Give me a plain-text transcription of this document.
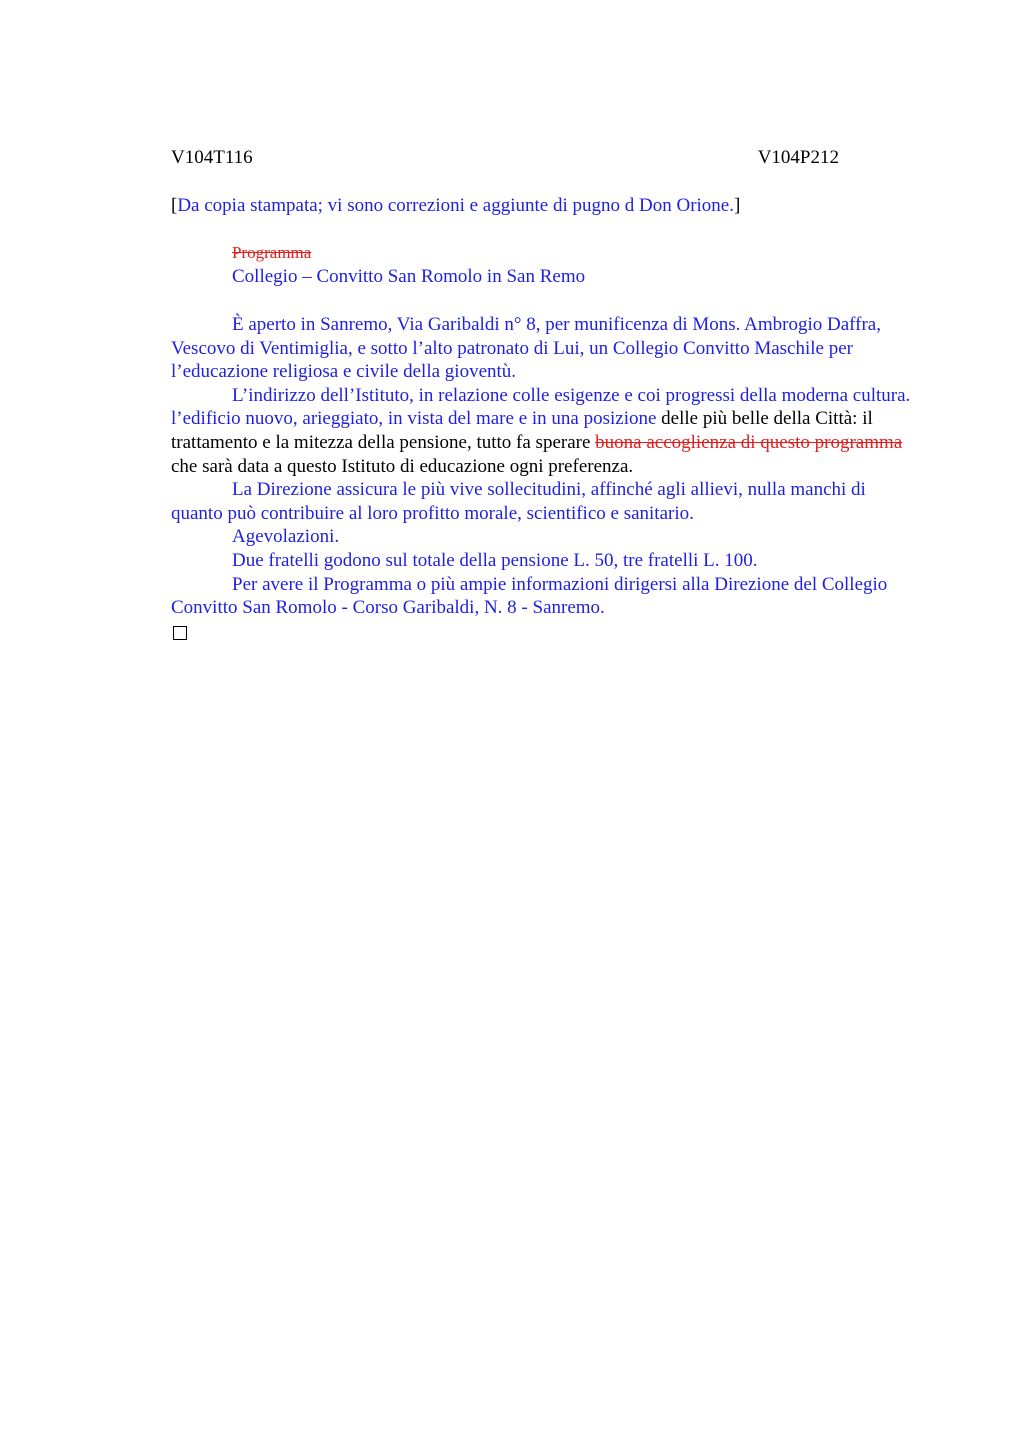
V104T116	V104P212
[Da copia stampata; vi sono correzioni e aggiunte di pugno d Don Orione.]
Programma
Collegio – Convitto San Romolo in San Remo

È aperto in Sanremo, Via Garibaldi n° 8, per munificenza di Mons. Ambrogio Daffra, Vescovo di Ventimiglia, e sotto l’alto patronato di Lui, un Collegio Convitto Maschile per l’educazione religiosa e civile della gioventù.

L’indirizzo dell’Istituto, in relazione colle esigenze e coi progressi della moderna cultura. l’edificio nuovo, arieggiato, in vista del mare e in una posizione delle più belle della Città: il trattamento e la mitezza della pensione, tutto fa sperare buona accoglienza di questo programma che sarà data a questo Istituto di educazione ogni preferenza.

La Direzione assicura le più vive sollecitudini, affinché agli allievi, nulla manchi di quanto può contribuire al loro profitto morale, scientifico e sanitario.

Agevolazioni.

Due fratelli godono sul totale della pensione L. 50, tre fratelli L. 100.

Per avere il Programma o più ampie informazioni dirigersi alla Direzione del Collegio Convitto San Romolo - Corso Garibaldi, N. 8 - Sanremo.
